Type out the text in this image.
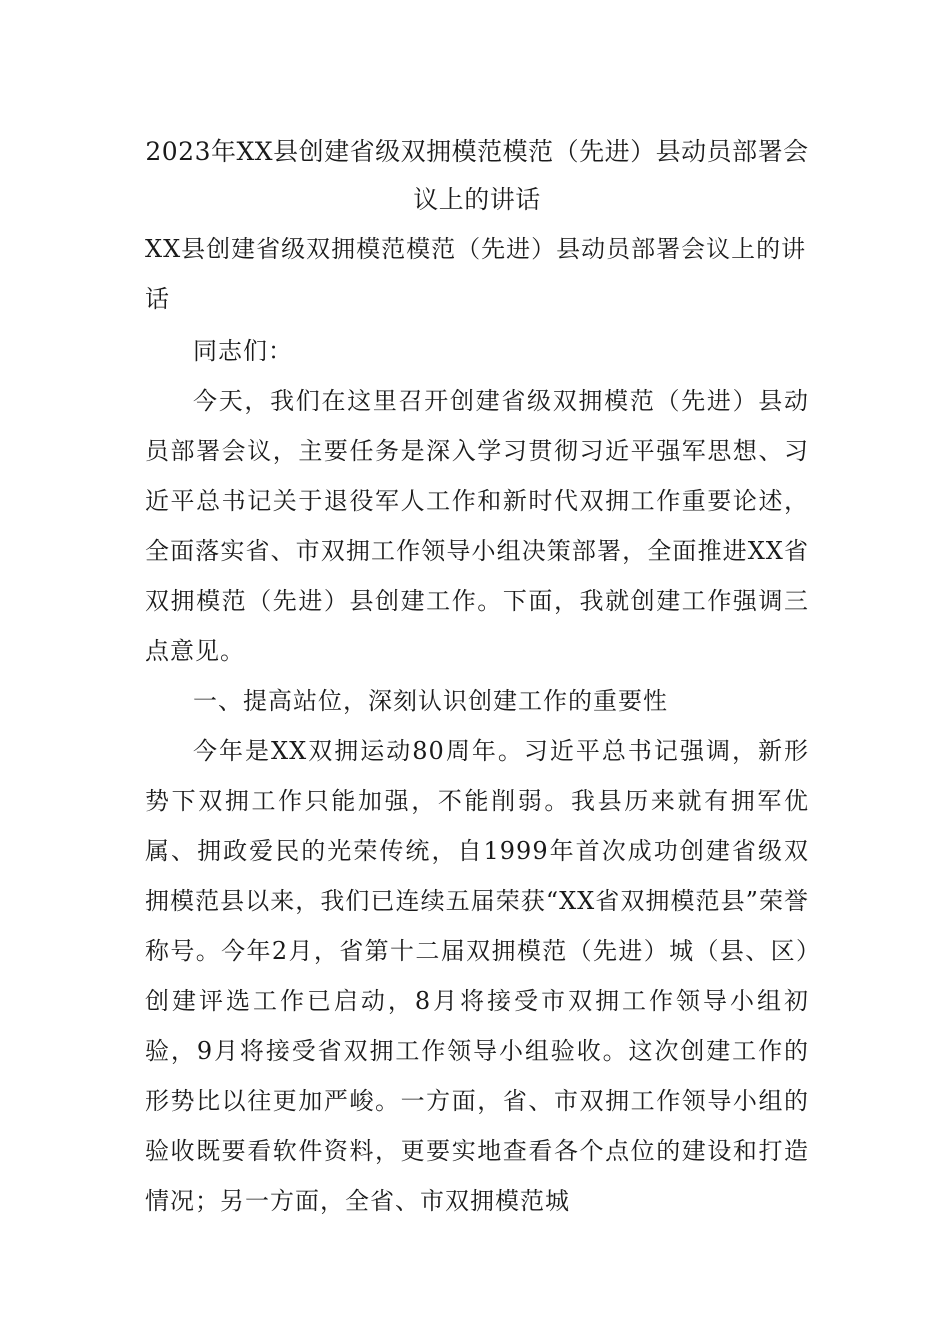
2023年XX县创建省级双拥模范模范（先进）县动员部署会议上的讲话

XX县创建省级双拥模范模范（先进）县动员部署会议上的讲话

同志们：

今天，我们在这里召开创建省级双拥模范（先进）县动员部署会议，主要任务是深入学习贯彻习近平强军思想、习近平总书记关于退役军人工作和新时代双拥工作重要论述，全面落实省、市双拥工作领导小组决策部署，全面推进XX省双拥模范（先进）县创建工作。下面，我就创建工作强调三点意见。

一、提高站位，深刻认识创建工作的重要性

今年是XX双拥运动80周年。习近平总书记强调，新形势下双拥工作只能加强，不能削弱。我县历来就有拥军优属、拥政爱民的光荣传统，自1999年首次成功创建省级双拥模范县以来，我们已连续五届荣获“XX省双拥模范县”荣誉称号。今年2月，省第十二届双拥模范（先进）城（县、区）创建评选工作已启动，8月将接受市双拥工作领导小组初验，9月将接受省双拥工作领导小组验收。这次创建工作的形势比以往更加严峻。一方面，省、市双拥工作领导小组的验收既要看软件资料，更要实地查看各个点位的建设和打造情况；另一方面，全省、市双拥模范城
